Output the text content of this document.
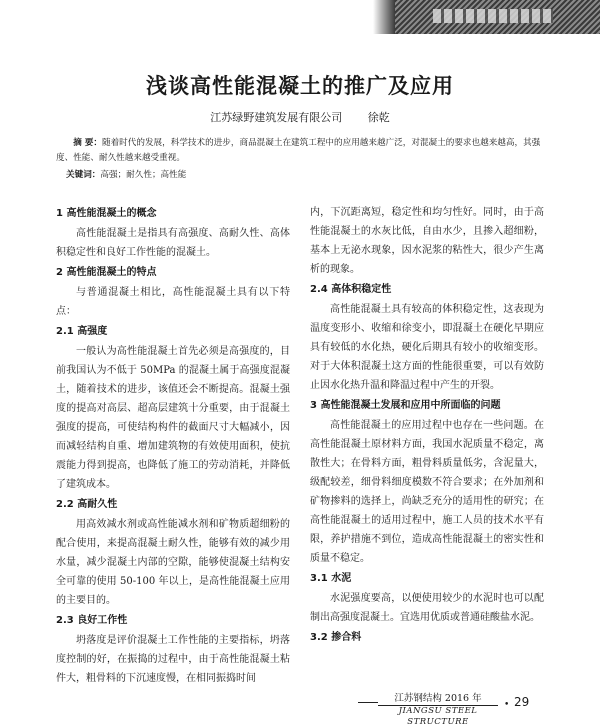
浅谈高性能混凝土的推广及应用
江苏绿野建筑发展有限公司 徐乾

摘 要：随着时代的发展，科学技术的进步，商品混凝土在建筑工程中的应用越来越广泛，对混凝土的要求也越来越高，其强度、性能、耐久性越来越受重视。

关键词：高强；耐久性；高性能
1 高性能混凝土的概念

高性能混凝土是指具有高强度、高耐久性、高体积稳定性和良好工作性能的混凝土。

2 高性能混凝土的特点

与普通混凝土相比，高性能混凝土具有以下特点：

2.1 高强度

一般认为高性能混凝土首先必须是高强度的，目前我国认为不低于 50MPa 的混凝土属于高强度混凝土，随着技术的进步，该值还会不断提高。混凝土强度的提高对高层、超高层建筑十分重要，由于混凝土强度的提高，可使结构构件的截面尺寸大幅减小，因而减轻结构自重、增加建筑物的有效使用面积，使抗震能力得到提高，也降低了施工的劳动消耗，并降低了建筑成本。

2.2 高耐久性

用高效减水剂或高性能减水剂和矿物质超细粉的配合使用，来提高混凝土耐久性，能够有效的减少用水量，减少混凝土内部的空隙，能够使混凝土结构安全可靠的使用 50-100 年以上，是高性能混凝土应用的主要目的。

2.3 良好工作性

坍落度是评价混凝土工作性能的主要指标，坍落度控制的好，在振捣的过程中，由于高性能混凝土粘件大，粗骨料的下沉速度慢，在相同振捣时间

内，下沉距离短，稳定性和均匀性好。同时，由于高性能混凝土的水灰比低，自由水少，且掺入超细粉，基本上无泌水现象，因水泥浆的粘性大，很少产生离析的现象。

2.4 高体积稳定性

高性能混凝土具有较高的体积稳定性，这表现为温度变形小、收缩和徐变小，即混凝土在硬化早期应具有较低的水化热，硬化后期具有较小的收缩变形。对于大体积混凝土这方面的性能很重要，可以有效防止因水化热升温和降温过程中产生的开裂。

3 高性能混凝土发展和应用中所面临的问题

高性能混凝土的应用过程中也存在一些问题。在高性能混凝土原材料方面，我国水泥质量不稳定，离散性大；在骨料方面，粗骨料质量低劣，含泥量大，级配较差，细骨料细度模数不符合要求；在外加剂和矿物掺料的选择上，尚缺乏充分的适用性的研究；在高性能混凝土的适用过程中，施工人员的技术水平有限，养护措施不到位，造成高性能混凝土的密实性和质量不稳定。

3.1 水泥

水泥强度要高，以便使用较少的水泥时也可以配制出高强度混凝土。宜选用优质或普通硅酸盐水泥。

3.2 掺合料
江苏钢结构 2016 年
JIANGSU STEEL STRUCTURE
• 29
